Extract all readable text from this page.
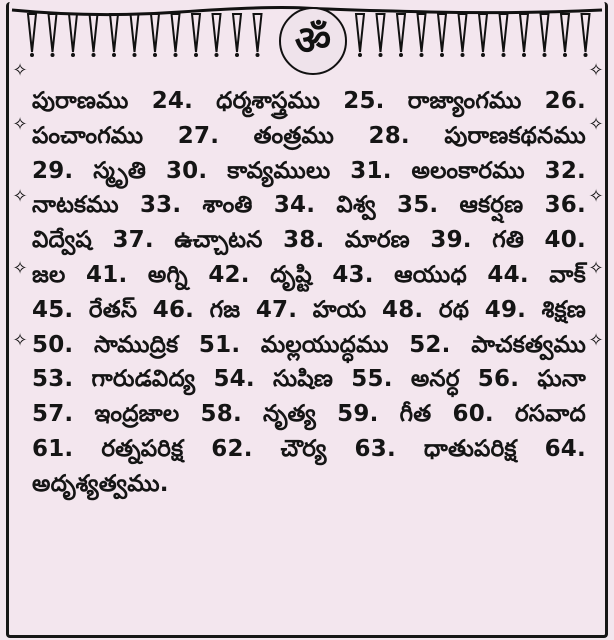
ॐ
✧

✧

✧

✧

✧
✧

✧

✧

✧

✧
పురాణము 24. ధర్మశాస్త్రము 25. రాజ్యాంగము 26.
పంచాంగము 27. తంత్రము 28. పురాణకథనము
29. స్మృతి 30. కావ్యములు 31. అలంకారము 32.
నాటకము 33. శాంతి 34. విశ్వ 35. ఆకర్షణ 36.
విద్వేష 37. ఉచ్చాటన 38. మారణ 39. గతి 40.
జల 41. అగ్ని 42. దృష్టి 43. ఆయుధ 44. వాక్
45. రేతస్ 46. గజ 47. హయ 48. రథ 49. శిక్షణ
50. సాముద్రిక 51. మల్లయుద్ధము 52. పాచకత్వము
53. గారుడవిద్య 54. సుషిణ 55. అనర్ధ 56. ఘనా
57. ఇంద్రజాల 58. నృత్య 59. గీత 60. రసవాద
61. రత్నపరిక్ష 62. చౌర్య 63. ధాతుపరిక్ష 64.
అదృశ్యత్వము.
